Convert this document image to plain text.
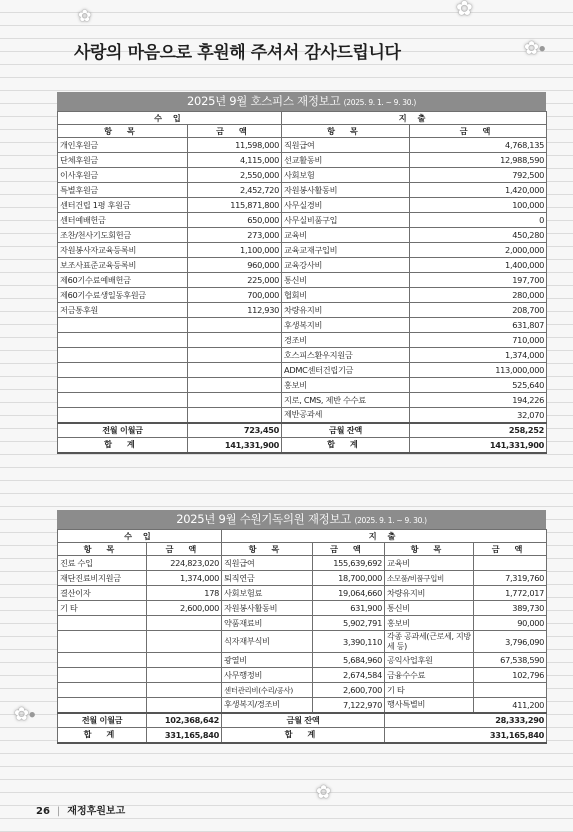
✿	✿
✿●
✿●
✿
사랑의 마음으로 후원해 주셔서 감사드립니다
2025년 9월 호스피스 재정보고 (2025. 9. 1. ~ 9. 30.)
수 입		지 출	
항 목	금 액	항 목	금 액
개인후원금	11,598,000	직원급여	4,768,135
단체후원금	4,115,000	선교활동비	12,988,590
이사후원금	2,550,000	사회보험	792,500
특별후원금	2,452,720	자원봉사활동비	1,420,000
센터건립 1평 후원금	115,871,800	사무실경비	100,000
센터예배헌금	650,000	사무실비품구입	0
조찬/천사기도회헌금	273,000	교육비	450,280
자원봉사자교육등록비	1,100,000	교육교재구입비	2,000,000
보조사표준교육등록비	960,000	교육강사비	1,400,000
제60기수료예배헌금	225,000	통신비	197,700
제60기수료생일동후원금	700,000	협회비	280,000
저금통후원	112,930	차량유지비	208,700
		후생복지비	631,807
		경조비	710,000
		호스피스환우지원금	1,374,000
		ADMC센터건립기금	113,000,000
		홍보비	525,640
		지로, CMS, 제반 수수료	194,226
		제반공과세	32,070
전월 이월금	723,450	금월 잔액	258,252
합 계	141,331,900	합 계	141,331,900
2025년 9월 수원기독의원 재정보고 (2025. 9. 1. ~ 9. 30.)
수 입		지 출			
항 목	금 액	항 목	금 액	항 목	금 액
진료 수입	224,823,020	직원급여	155,639,692	교육비	
재단진료비지원금	1,374,000	퇴직연금	18,700,000	소모품/비품구입비	7,319,760
결산이자	178	사회보험료	19,064,660	차량유지비	1,772,017
기 타	2,600,000	자원봉사활동비	631,900	통신비	389,730
		약품재료비	5,902,791	홍보비	90,000
		식자재부식비	3,390,110	각종 공과세(근로세, 지방세 등)	3,796,090
		광열비	5,684,960	공익사업후원	67,538,590
		사무행정비	2,674,584	금융수수료	102,796
		센터관리비(수리/공사)	2,600,700	기 타	
		후생복지/경조비	7,122,970	행사특별비	411,200
전월 이월금	102,368,642	금월 잔액		28,333,290	
합 계	331,165,840	합 계		331,165,840	
26 | 재정후원보고
